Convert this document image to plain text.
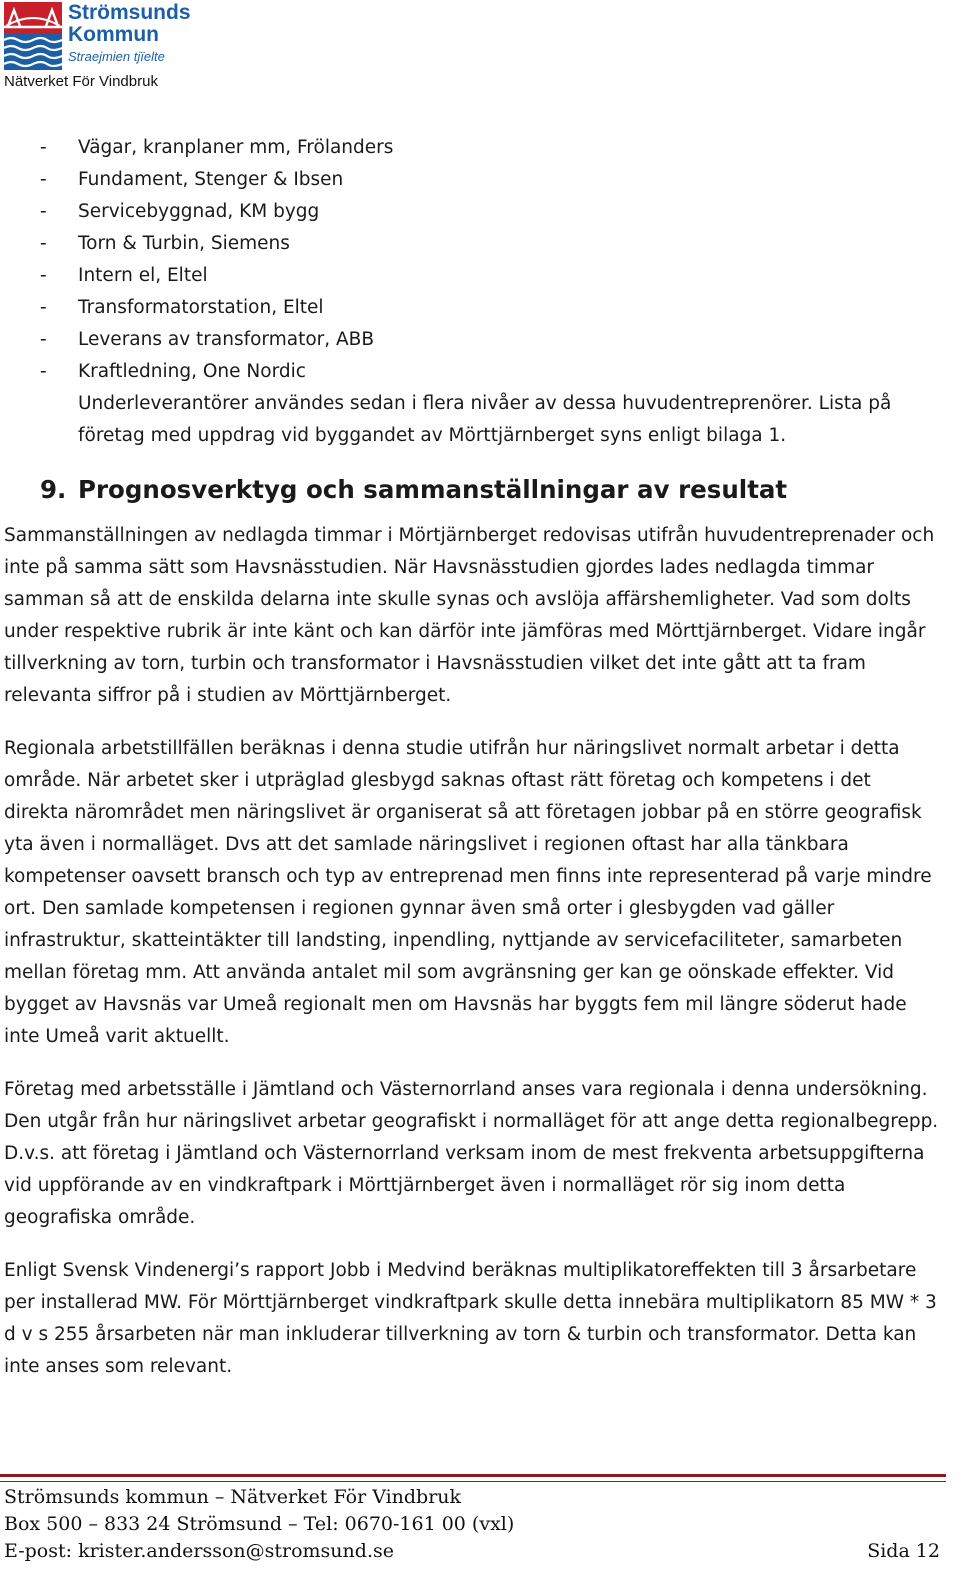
Strömsunds
Kommun
Straejmien tjïelte
Nätverket För Vindbruk
- Vägar, kranplaner mm, Frölanders
- Fundament, Stenger & Ibsen
- Servicebyggnad, KM bygg
- Torn & Turbin, Siemens
- Intern el, Eltel
- Transformatorstation, Eltel
- Leverans av transformator, ABB
- Kraftledning, One Nordic

Underleverantörer användes sedan i flera nivåer av dessa huvudentreprenörer. Lista på företag med uppdrag vid byggandet av Mörttjärnberget syns enligt bilaga 1.

9. Prognosverktyg och sammanställningar av resultat

Sammanställningen av nedlagda timmar i Mörtjärnberget redovisas utifrån huvudentreprenader och inte på samma sätt som Havsnässtudien. När Havsnässtudien gjordes lades nedlagda timmar samman så att de enskilda delarna inte skulle synas och avslöja affärshemligheter. Vad som dolts under respektive rubrik är inte känt och kan därför inte jämföras med Mörttjärnberget. Vidare ingår tillverkning av torn, turbin och transformator i Havsnässtudien vilket det inte gått att ta fram relevanta siffror på i studien av Mörttjärnberget.

Regionala arbetstillfällen beräknas i denna studie utifrån hur näringslivet normalt arbetar i detta område. När arbetet sker i utpräglad glesbygd saknas oftast rätt företag och kompetens i det direkta närområdet men näringslivet är organiserat så att företagen jobbar på en större geografisk yta även i normalläget. Dvs att det samlade näringslivet i regionen oftast har alla tänkbara kompetenser oavsett bransch och typ av entreprenad men finns inte representerad på varje mindre ort. Den samlade kompetensen i regionen gynnar även små orter i glesbygden vad gäller infrastruktur, skatteintäkter till landsting, inpendling, nyttjande av servicefaciliteter, samarbeten mellan företag mm. Att använda antalet mil som avgränsning ger kan ge oönskade effekter. Vid bygget av Havsnäs var Umeå regionalt men om Havsnäs har byggts fem mil längre söderut hade inte Umeå varit aktuellt.

Företag med arbetsställe i Jämtland och Västernorrland anses vara regionala i denna undersökning. Den utgår från hur näringslivet arbetar geografiskt i normalläget för att ange detta regionalbegrepp. D.v.s. att företag i Jämtland och Västernorrland verksam inom de mest frekventa arbetsuppgifterna vid uppförande av en vindkraftpark i Mörttjärnberget även i normalläget rör sig inom detta geografiska område.

Enligt Svensk Vindenergi’s rapport Jobb i Medvind beräknas multiplikatoreffekten till 3 årsarbetare per installerad MW. För Mörttjärnberget vindkraftpark skulle detta innebära multiplikatorn 85 MW * 3 d v s 255 årsarbeten när man inkluderar tillverkning av torn & turbin och transformator. Detta kan inte anses som relevant.

Strömsunds kommun – Nätverket För Vindbruk
Box 500 – 833 24 Strömsund – Tel: 0670-161 00 (vxl)
E-post: krister.andersson@stromsund.se	Sida 12
